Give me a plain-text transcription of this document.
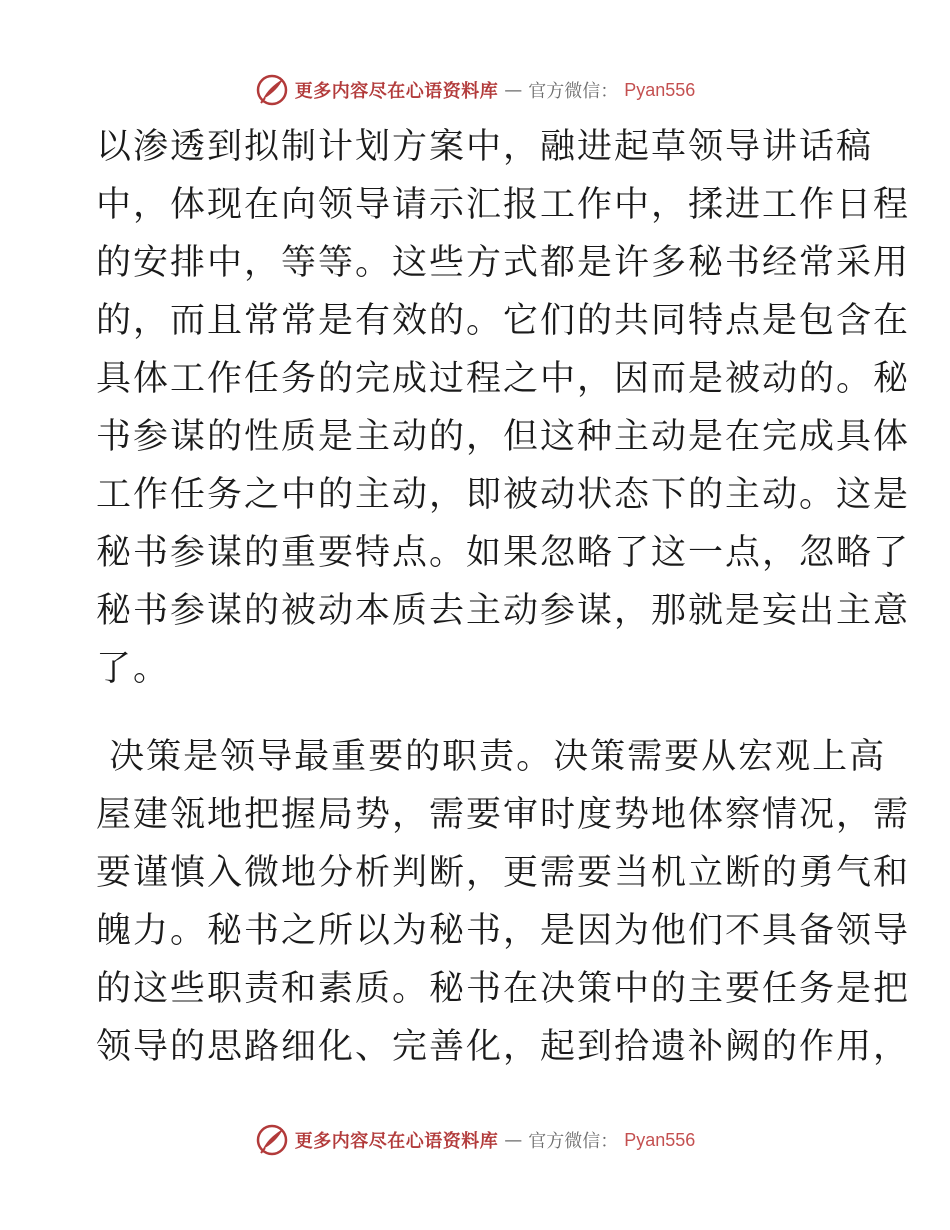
更多内容尽在心语资料库 — 官方微信： Pyan556
以渗透到拟制计划方案中，融进起草领导讲话稿
中，体现在向领导请示汇报工作中，揉进工作日程
的安排中，等等。这些方式都是许多秘书经常采用
的，而且常常是有效的。它们的共同特点是包含在
具体工作任务的完成过程之中，因而是被动的。秘
书参谋的性质是主动的，但这种主动是在完成具体
工作任务之中的主动，即被动状态下的主动。这是
秘书参谋的重要特点。如果忽略了这一点，忽略了
秘书参谋的被动本质去主动参谋，那就是妄出主意
了。
决策是领导最重要的职责。决策需要从宏观上高
屋建瓴地把握局势，需要审时度势地体察情况，需
要谨慎入微地分析判断，更需要当机立断的勇气和
魄力。秘书之所以为秘书，是因为他们不具备领导
的这些职责和素质。秘书在决策中的主要任务是把
领导的思路细化、完善化，起到拾遗补阙的作用，
更多内容尽在心语资料库 — 官方微信： Pyan556
